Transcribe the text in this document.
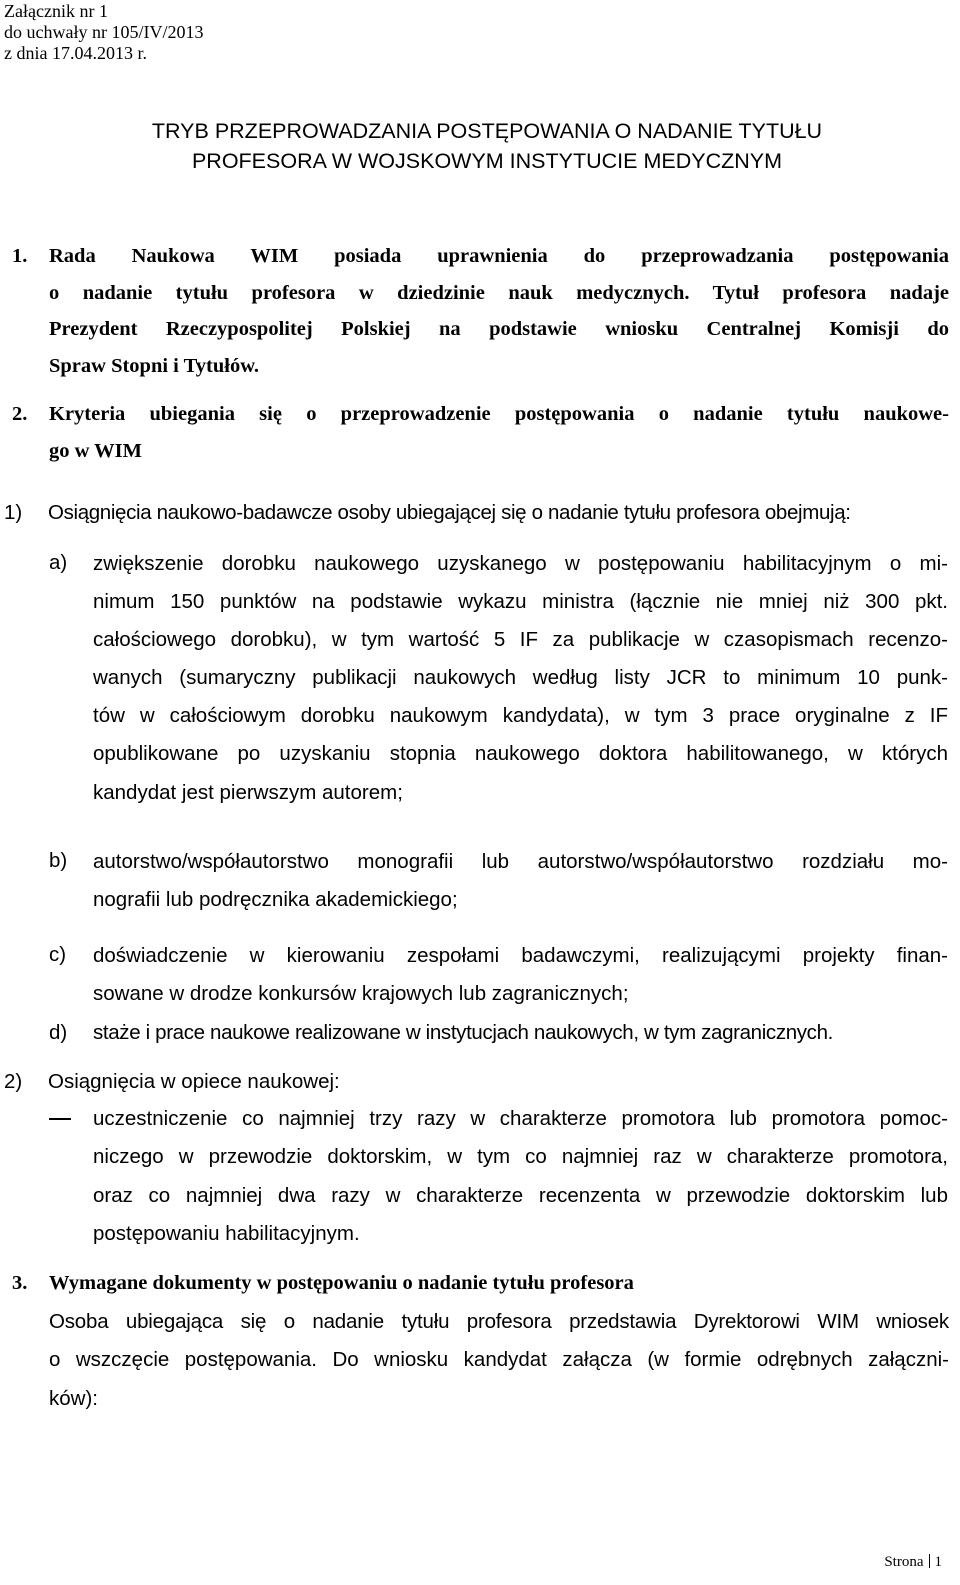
Załącznik nr 1
do uchwały nr 105/IV/2013
z dnia 17.04.2013 r.
TRYB PRZEPROWADZANIA POSTĘPOWANIA O NADANIE TYTUŁU
PROFESORA W WOJSKOWYM INSTYTUCIE MEDYCZNYM
1. Rada Naukowa WIM posiada uprawnienia do przeprowadzania postępowania
o nadanie tytułu profesora w dziedzinie nauk medycznych. Tytuł profesora nadaje
Prezydent Rzeczypospolitej Polskiej na podstawie wniosku Centralnej Komisji do
Spraw Stopni i Tytułów.
2. Kryteria ubiegania się o przeprowadzenie postępowania o nadanie tytułu naukowe-
go w WIM
1) Osiągnięcia naukowo-badawcze osoby ubiegającej się o nadanie tytułu profesora obejmują:
a) zwiększenie dorobku naukowego uzyskanego w postępowaniu habilitacyjnym o mi-
nimum 150 punktów na podstawie wykazu ministra (łącznie nie mniej niż 300 pkt.
całościowego dorobku), w tym wartość 5 IF za publikacje w czasopismach recenzo-
wanych (sumaryczny publikacji naukowych według listy JCR to minimum 10 punk-
tów w całościowym dorobku naukowym kandydata), w tym 3 prace oryginalne z IF
opublikowane po uzyskaniu stopnia naukowego doktora habilitowanego, w których
kandydat jest pierwszym autorem;
b) autorstwo/współautorstwo monografii lub autorstwo/współautorstwo rozdziału mo-
nografii lub podręcznika akademickiego;
c) doświadczenie w kierowaniu zespołami badawczymi, realizującymi projekty finan-
sowane w drodze konkursów krajowych lub zagranicznych;
d) staże i prace naukowe realizowane w instytucjach naukowych, w tym zagranicznych.
2) Osiągnięcia w opiece naukowej:
uczestniczenie co najmniej trzy razy w charakterze promotora lub promotora pomoc-
niczego w przewodzie doktorskim, w tym co najmniej raz w charakterze promotora,
oraz co najmniej dwa razy w charakterze recenzenta w przewodzie doktorskim lub
postępowaniu habilitacyjnym.
3. Wymagane dokumenty w postępowaniu o nadanie tytułu profesora
Osoba ubiegająca się o nadanie tytułu profesora przedstawia Dyrektorowi WIM wniosek
o wszczęcie postępowania. Do wniosku kandydat załącza (w formie odrębnych załączni-
ków):
Strona 1
